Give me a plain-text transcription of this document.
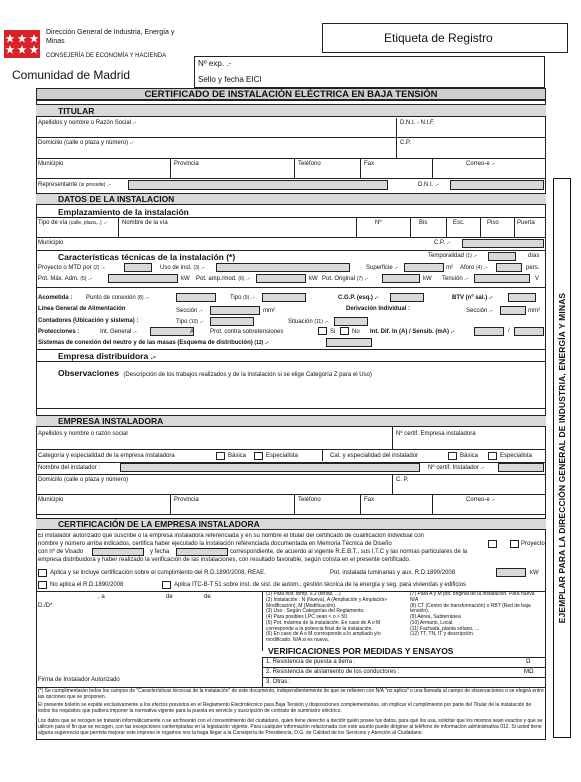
Dirección General de Industria, Energía y
Minas
CONSEJERÍA DE ECONOMÍA Y HACIENDA
Comunidad de Madrid
Etiqueta de Registro
Nº exp. .-
Sello y fecha EICI
CERTIFICADO DE INSTALACIÓN ELÉCTRICA EN BAJA TENSIÓN
EJEMPLAR PARA LA DIRECCIÓN GENERAL DE INDUSTRIA, ENERGÍA Y MINAS
TITULAR
Apellidos y nombre o Razón Social .-	D.N.I. - N.I.F.
Domicilio (calle o plaza y número) .-	C.P.
Municipio	Provincia	Teléfono	Fax	Correo-e .-
Representante (si procede) .-	D.N.I. .-
DATOS DE LA INSTALACION
Emplazamiento de la instalación
Tipo de vía (calle, plaza,..) .-	Nombre de la vía	Nº	Bis	Esc.	Piso	Puerta
Municipio	C.P. .-
Características técnicas de la instalación (*)	Temporalidad (1) .-	días
Proyecto o MTD por (2) .-	Uso de inst. (3) .-	Superficie .-	m² Aforo (4) .-	pers.
Pot. Máx. Adm. (5) .-	kW Pot. amp./mod. (6) .-	kW Pot. Original (7) .-	kW Tensión .-	V
Acometida : Punto de conexión (8) .-	Tipo (9) .-	C.G.P. (esq.) .-	BTV (nº sal.) .-
Línea General de Alimentación	Sección .-	mm²	Derivación Individual :	Sección .-	mm²
Contadores (Ubicación y sistema) :	Tipo (10) .-	Situación (11) .-
Protecciones :	Int. General .-	A	Prot. contra sobretensiones	Si	No Int. Dif. In (A) / Sensib. (mA) .-	/
Sistemas de conexión del neutro y de las masas (Esquema de distribución) (12) .-
Empresa distribuidora .-
Observaciones (Descripción de los trabajos realizados y de la instalación si se elige Categoría Z para el Uso)
EMPRESA INSTALADORA
Apellidos y nombre o razón social	Nº certif. Empresa instaladora
Categoría y especialidad de la empresa instaladora	Básica	Especialista	Cat. y especialidad del instalador	Básica	Especialista
Nombre del instalador :	Nº certif. Instalador .-
Domicilio (calle o plaza y número)	C. P.
Municipio	Provincia	Teléfono	Fax	Correo-e .-
CERTIFICACIÓN DE LA EMPRESA INSTALADORA
El instalador autorizado que suscribe o la empresa instaladora referenciada y en su nombre el titular del certificado de cualificación individual con
nombre y número arriba indicados, certifica haber ejecutado la instalación referenciada documentada en Memoria Técnica de Diseño	Proyecto
con nº de Visado	y fecha	correspondiente, de acuerdo al vigente R.E.B.T., sus I.T.C y las normas particulares de la
empresa distribuidora y haber realizado la verificación de las instalaciones, con resultado favorable, según consta en el presente certificado.
Aplica y se incluye certificación sobre el cumplimiento del R.D.1890/2008, REAE.	Pot. instalada luminarias y aux. R.D.1890/2008	kW
No aplica el R.D.1890/2008	Aplica ITC-B-T 51 sobre inst. de sist. de autom., gestión técnica de la energía y seg. para viviendas y edificios
, a	de	de
D./D*
(1) Para inst. temp. ≤ 2 (ferias, ...)
(2) Instalación : N (Nueva), A (Ampliación y Amplación-Modificación), M (Modificación).
(3) Uso : Según Categorías del Reglamento.
(4) Para posibles LPC sean < o > 50.
(5) Pot. máxima de la instalación. En caso de A o M corresponde a la potencia final de la instalación.
(6) En caso de A o M corresponde a lo ampliado y/o modificado. N/A si es nueva.
(7) Para A y M pot. original de la instalación. Para nueva N/A
(8) CT (Centro de transformación) o RBT (Red de baja tensión).
(9) Aérea, Subterránea
(10) Armario, Local.
(11) Fachada, planta sótano, ...
(12) TT, TN, IT y descripción.
VERIFICACIONES POR MEDIDAS Y ENSAYOS
1. Resistencia de puesta a tierra :	Ω
2. Resistencia de aislamiento de los conductores :	MΩ
3. Otras :
Firma de Instalador Autorizado
(*) Se cumplimentarán todos los campos de "Características técnicas de la instalación" de este documento, independientemente de que se rellenen con N/A "no aplica" o una llamada al campo de observaciones o se elegirá entre las opciones que se proponen.
El presente boletín se expide exclusivamente a los efectos previstos en el Reglamento Electrotécnico para Baja Tensión y disposiciones complementarias, sin implicar el cumplimiento por parte del Titular de la instalación de todos los requisitos que pudiera imponer la normativa vigente para la puesta en servicio y suscripción de contrato de suministro eléctrico.
Los datos que se recogen se tratarán informáticamente o se archivarán con el consentimiento del ciudadano, quien tiene derecho a decidir quién posee tus datos, para qué los usa, solicitar que los mismos sean exactos y que se utilicen para el fin que se recogen, con las excepciones contempladas en la legislación vigente. Para cualquier información relacionada con este asunto puede dirigirse al teléfono de información administrativa 012. Si usted tiene alguna sugerencia que permita mejorar este impreso le rogamos nos la haga llegar a la Consejería de Presidencia, D.G. de Calidad de los Servicios y Atención al Ciudadano.
